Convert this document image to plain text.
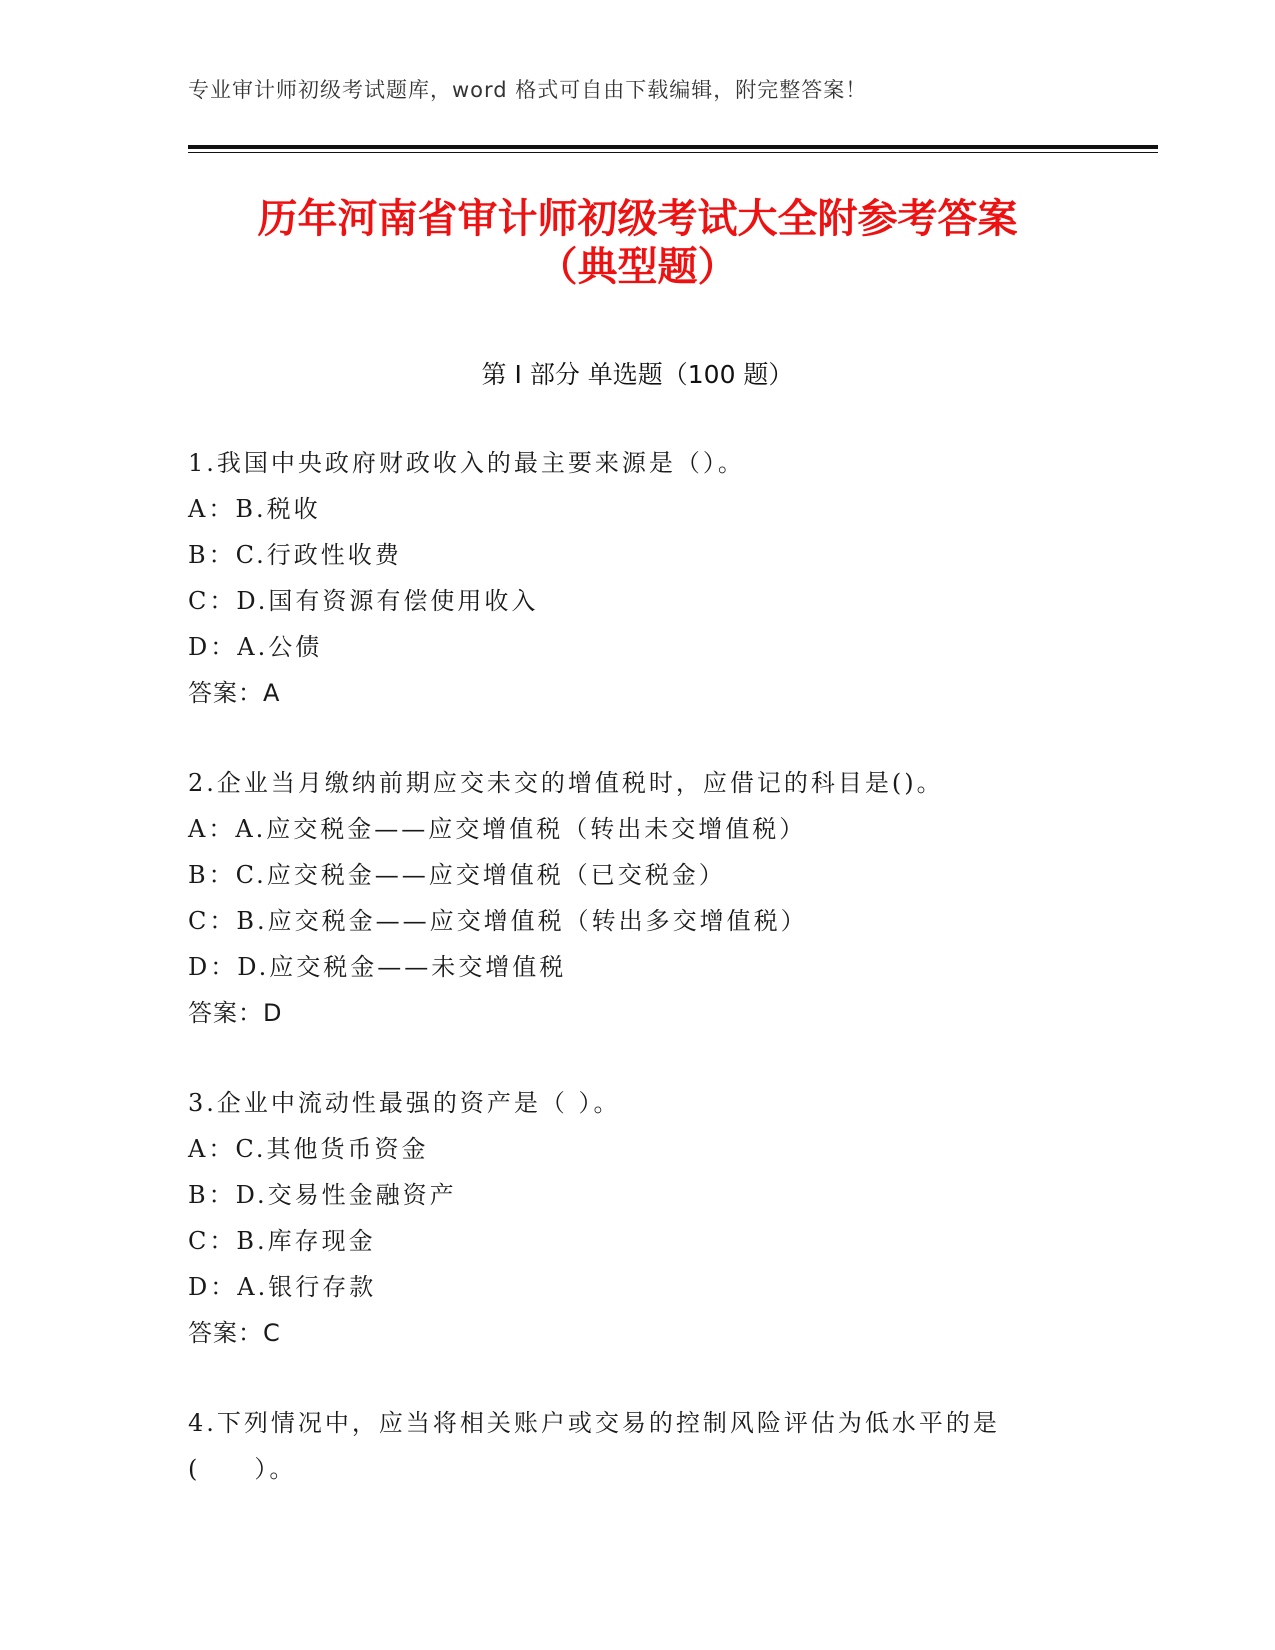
专业审计师初级考试题库，word 格式可自由下载编辑，附完整答案！
历年河南省审计师初级考试大全附参考答案
（典型题）
第 I 部分 单选题（100 题）
1.我国中央政府财政收入的最主要来源是（）。
A：B.税收
B：C.行政性收费
C：D.国有资源有偿使用收入
D：A.公债
答案：A
2.企业当月缴纳前期应交未交的增值税时，应借记的科目是()。
A：A.应交税金——应交增值税（转出未交增值税）
B：C.应交税金——应交增值税（已交税金）
C：B.应交税金——应交增值税（转出多交增值税）
D：D.应交税金——未交增值税
答案：D
3.企业中流动性最强的资产是（ ）。
A：C.其他货币资金
B：D.交易性金融资产
C：B.库存现金
D：A.银行存款
答案：C
4.下列情况中，应当将相关账户或交易的控制风险评估为低水平的是
(　　）。
